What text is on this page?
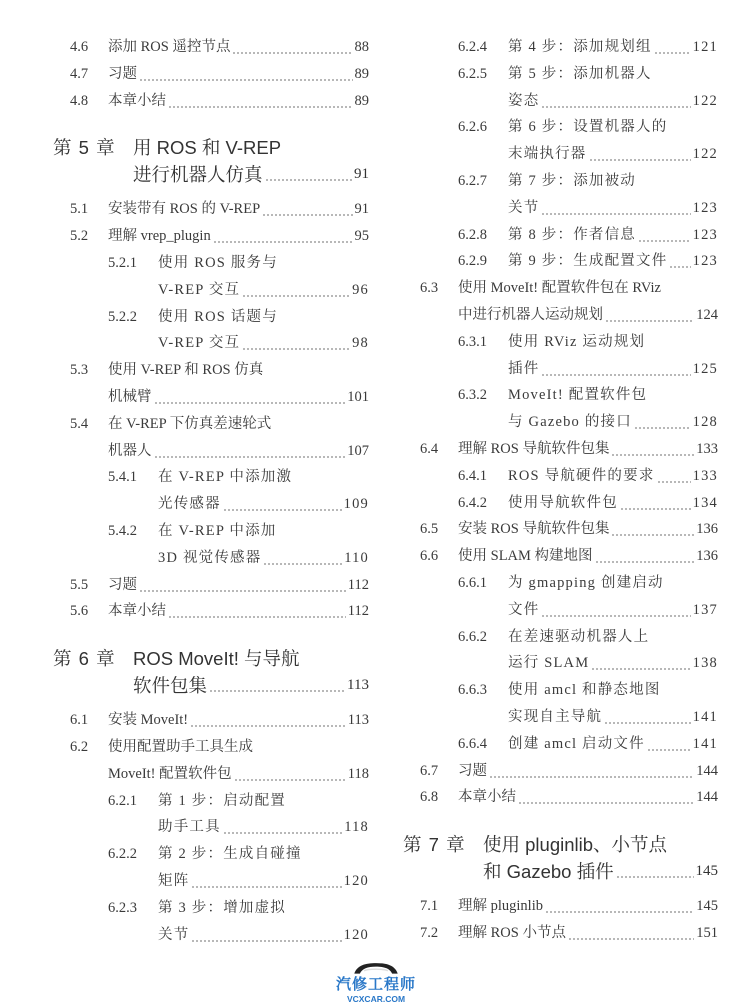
4.6 添加 ROS 遥控节点	88
4.7 习题	89
4.8 本章小结	89
第 5 章 用 ROS 和 V-REP
进行机器人仿真	91
5.1 安装带有 ROS 的 V-REP	91
5.2 理解 vrep_plugin	95
5.2.1 使用 ROS 服务与
V-REP 交互	96
5.2.2 使用 ROS 话题与
V-REP 交互	98
5.3 使用 V-REP 和 ROS 仿真
机械臂	101
5.4 在 V-REP 下仿真差速轮式
机器人	107
5.4.1 在 V-REP 中添加激
光传感器	109
5.4.2 在 V-REP 中添加
3D 视觉传感器	110
5.5 习题	112
5.6 本章小结	112
第 6 章 ROS MoveIt! 与导航
软件包集	113
6.1 安装 MoveIt!	113
6.2 使用配置助手工具生成
MoveIt! 配置软件包	118
6.2.1 第 1 步：启动配置
助手工具	118
6.2.2 第 2 步：生成自碰撞
矩阵	120
6.2.3 第 3 步：增加虚拟
关节	120
6.2.4 第 4 步：添加规划组	121
6.2.5 第 5 步：添加机器人
姿态	122
6.2.6 第 6 步：设置机器人的
末端执行器	122
6.2.7 第 7 步：添加被动
关节	123
6.2.8 第 8 步：作者信息	123
6.2.9 第 9 步：生成配置文件 123
6.3 使用 MoveIt! 配置软件包在 RViz
中进行机器人运动规划	124
6.3.1 使用 RViz 运动规划
插件	125
6.3.2 MoveIt! 配置软件包
与 Gazebo 的接口	128
6.4 理解 ROS 导航软件包集	133
6.4.1 ROS 导航硬件的要求	133
6.4.2 使用导航软件包	134
6.5 安装 ROS 导航软件包集	136
6.6 使用 SLAM 构建地图	136
6.6.1 为 gmapping 创建启动
文件	137
6.6.2 在差速驱动机器人上
运行 SLAM	138
6.6.3 使用 amcl 和静态地图
实现自主导航	141
6.6.4 创建 amcl 启动文件	141
6.7 习题	144
6.8 本章小结	144
第 7 章 使用 pluginlib、小节点
和 Gazebo 插件	145
7.1 理解 pluginlib	145
7.2 理解 ROS 小节点	151
汽修工程师
VCXCAR.COM
